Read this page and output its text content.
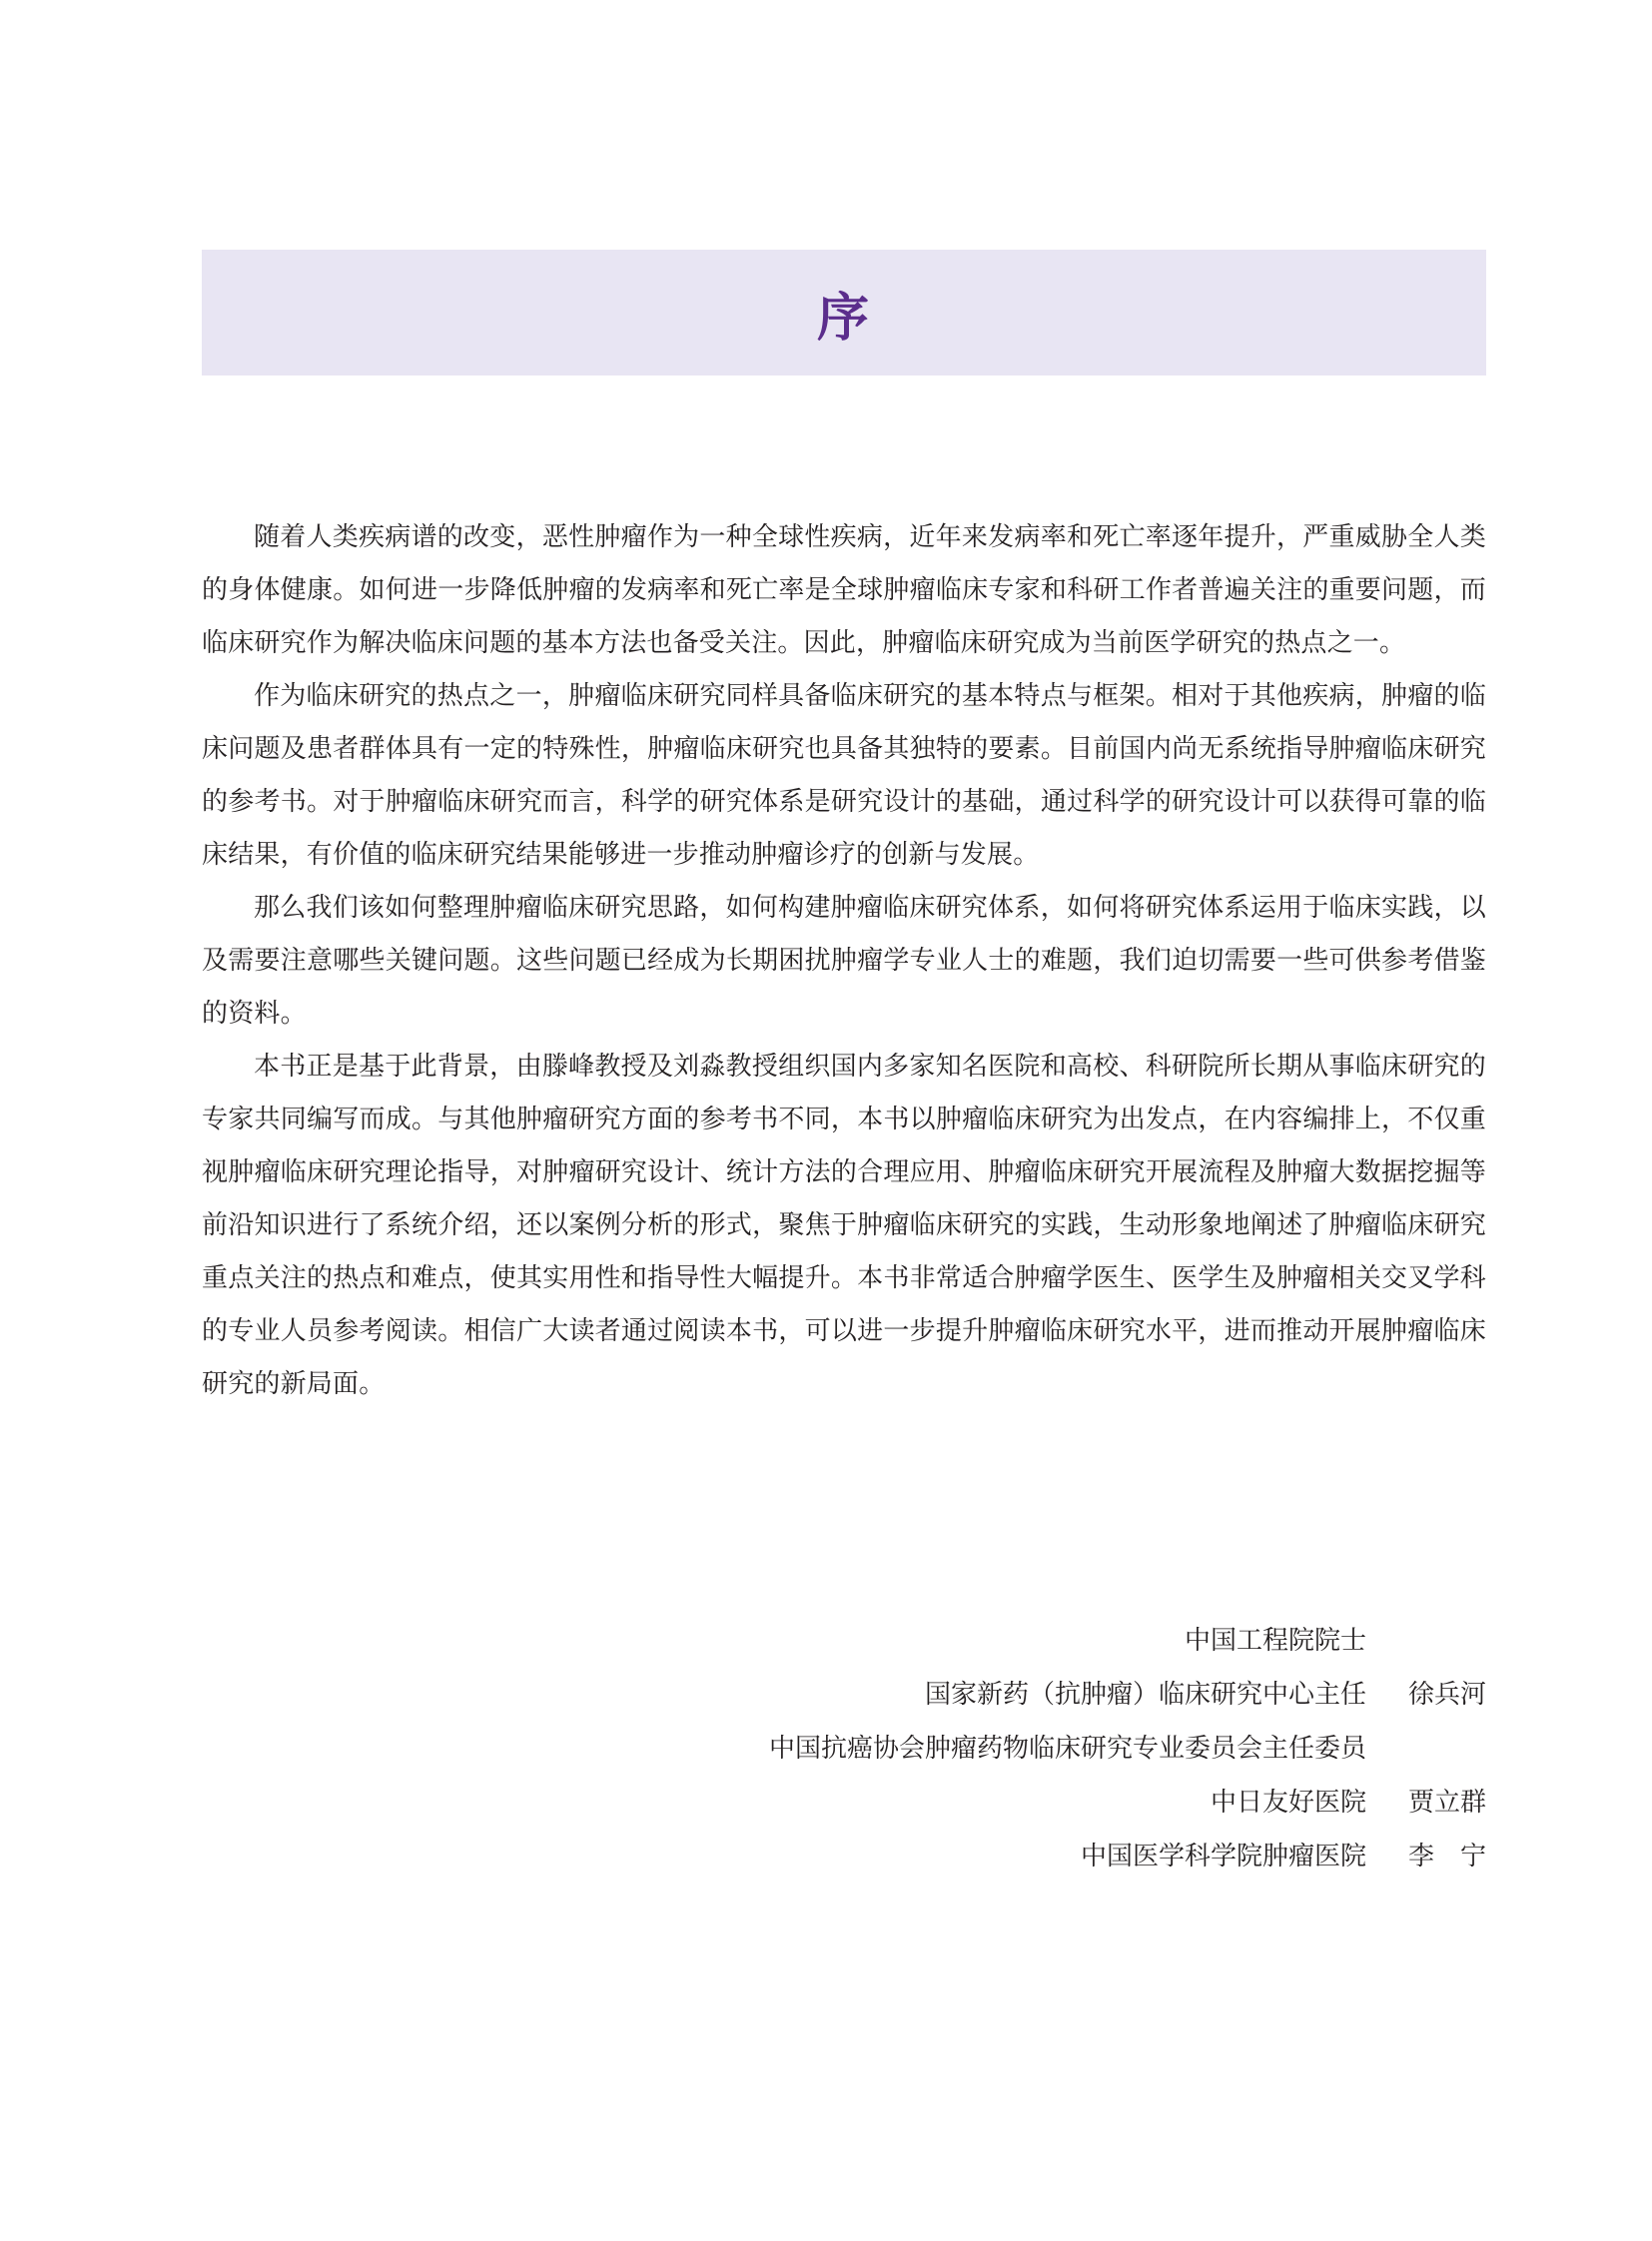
序

随着人类疾病谱的改变，恶性肿瘤作为一种全球性疾病，近年来发病率和死亡率逐年提升，严重威胁全人类的身体健康。如何进一步降低肿瘤的发病率和死亡率是全球肿瘤临床专家和科研工作者普遍关注的重要问题，而临床研究作为解决临床问题的基本方法也备受关注。因此，肿瘤临床研究成为当前医学研究的热点之一。

作为临床研究的热点之一，肿瘤临床研究同样具备临床研究的基本特点与框架。相对于其他疾病，肿瘤的临床问题及患者群体具有一定的特殊性，肿瘤临床研究也具备其独特的要素。目前国内尚无系统指导肿瘤临床研究的参考书。对于肿瘤临床研究而言，科学的研究体系是研究设计的基础，通过科学的研究设计可以获得可靠的临床结果，有价值的临床研究结果能够进一步推动肿瘤诊疗的创新与发展。

那么我们该如何整理肿瘤临床研究思路，如何构建肿瘤临床研究体系，如何将研究体系运用于临床实践，以及需要注意哪些关键问题。这些问题已经成为长期困扰肿瘤学专业人士的难题，我们迫切需要一些可供参考借鉴的资料。

本书正是基于此背景，由滕峰教授及刘淼教授组织国内多家知名医院和高校、科研院所长期从事临床研究的专家共同编写而成。与其他肿瘤研究方面的参考书不同，本书以肿瘤临床研究为出发点，在内容编排上，不仅重视肿瘤临床研究理论指导，对肿瘤研究设计、统计方法的合理应用、肿瘤临床研究开展流程及肿瘤大数据挖掘等前沿知识进行了系统介绍，还以案例分析的形式，聚焦于肿瘤临床研究的实践，生动形象地阐述了肿瘤临床研究重点关注的热点和难点，使其实用性和指导性大幅提升。本书非常适合肿瘤学医生、医学生及肿瘤相关交叉学科的专业人员参考阅读。相信广大读者通过阅读本书，可以进一步提升肿瘤临床研究水平，进而推动开展肿瘤临床研究的新局面。

中国工程院院士
国家新药（抗肿瘤）临床研究中心主任	徐兵河
中国抗癌协会肿瘤药物临床研究专业委员会主任委员
中日友好医院	贾立群
中国医学科学院肿瘤医院	李　宁
